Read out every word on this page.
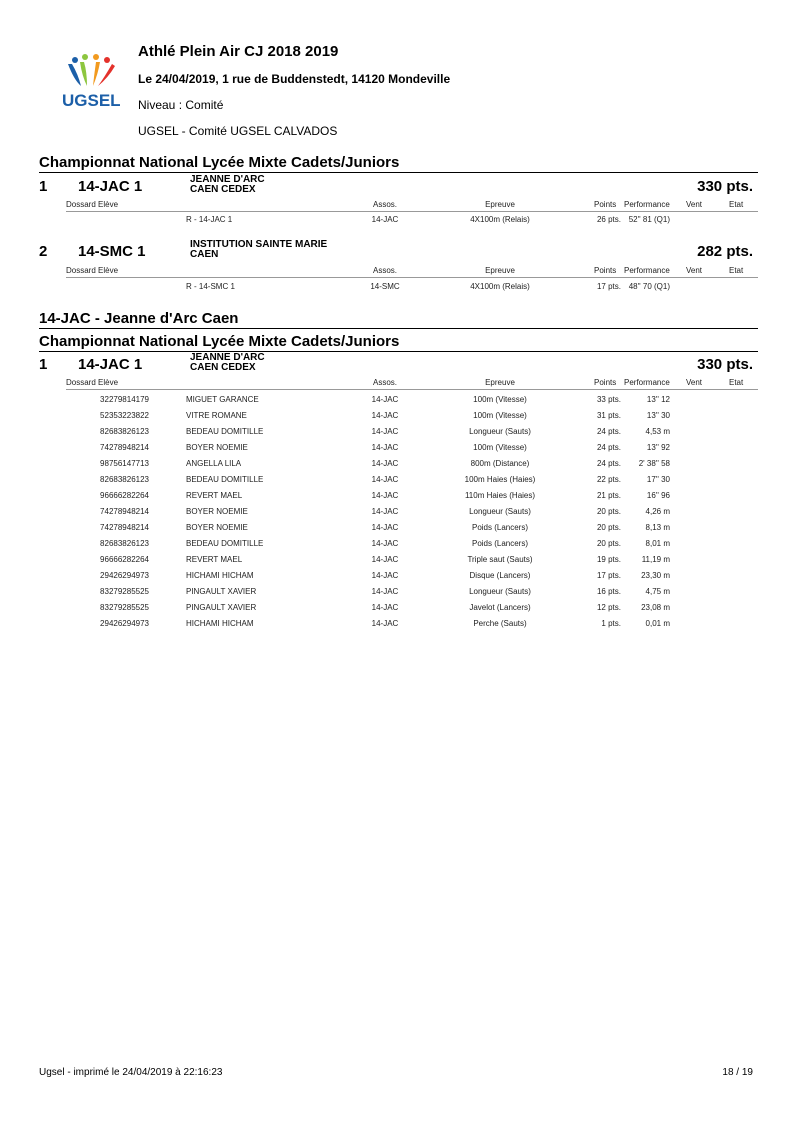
UGSEL
Athlé Plein Air CJ 2018 2019
Le 24/04/2019, 1 rue de Buddenstedt, 14120 Mondeville
Niveau : Comité
UGSEL - Comité UGSEL CALVADOS
Championnat National Lycée Mixte Cadets/Juniors
1 14-JAC 1	JEANNE D'ARC
CAEN CEDEX	330 pts.
Dossard Elève	Assos.	Epreuve	Points Performance Vent	Etat
R - 14-JAC 1	14-JAC	4X100m (Relais)	26 pts. 52'' 81 (Q1)
2 14-SMC 1	INSTITUTION SAINTE MARIE
CAEN	282 pts.
Dossard Elève	Assos.	Epreuve	Points Performance Vent	Etat
R - 14-SMC 1	14-SMC	4X100m (Relais)	17 pts. 48'' 70 (Q1)
14-JAC - Jeanne d'Arc Caen
Championnat National Lycée Mixte Cadets/Juniors
1 14-JAC 1	JEANNE D'ARC
CAEN CEDEX	330 pts.
Dossard Elève	Assos.	Epreuve	Points Performance Vent	Etat
32279814179	MIGUET GARANCE	14-JAC	100m (Vitesse)	33 pts.	13'' 12
52353223822	VITRE ROMANE	14-JAC	100m (Vitesse)	31 pts.	13'' 30
82683826123	BEDEAU DOMITILLE	14-JAC	Longueur (Sauts)	24 pts.	4,53 m
74278948214	BOYER NOEMIE	14-JAC	100m (Vitesse)	24 pts.	13'' 92
98756147713	ANGELLA LILA	14-JAC	800m (Distance)	24 pts.	2' 38'' 58
82683826123	BEDEAU DOMITILLE	14-JAC	100m Haies (Haies)	22 pts.	17'' 30
96666282264	REVERT MAEL	14-JAC	110m Haies (Haies)	21 pts.	16'' 96
74278948214	BOYER NOEMIE	14-JAC	Longueur (Sauts)	20 pts.	4,26 m
74278948214	BOYER NOEMIE	14-JAC	Poids (Lancers)	20 pts.	8,13 m
82683826123	BEDEAU DOMITILLE	14-JAC	Poids (Lancers)	20 pts.	8,01 m
96666282264	REVERT MAEL	14-JAC	Triple saut (Sauts)	19 pts.	11,19 m
29426294973	HICHAMI HICHAM	14-JAC	Disque (Lancers)	17 pts.	23,30 m
83279285525	PINGAULT XAVIER	14-JAC	Longueur (Sauts)	16 pts.	4,75 m
83279285525	PINGAULT XAVIER	14-JAC	Javelot (Lancers)	12 pts.	23,08 m
29426294973	HICHAMI HICHAM	14-JAC	Perche (Sauts)	1 pts.	0,01 m
Ugsel - imprimé le 24/04/2019 à 22:16:23	18 / 19
